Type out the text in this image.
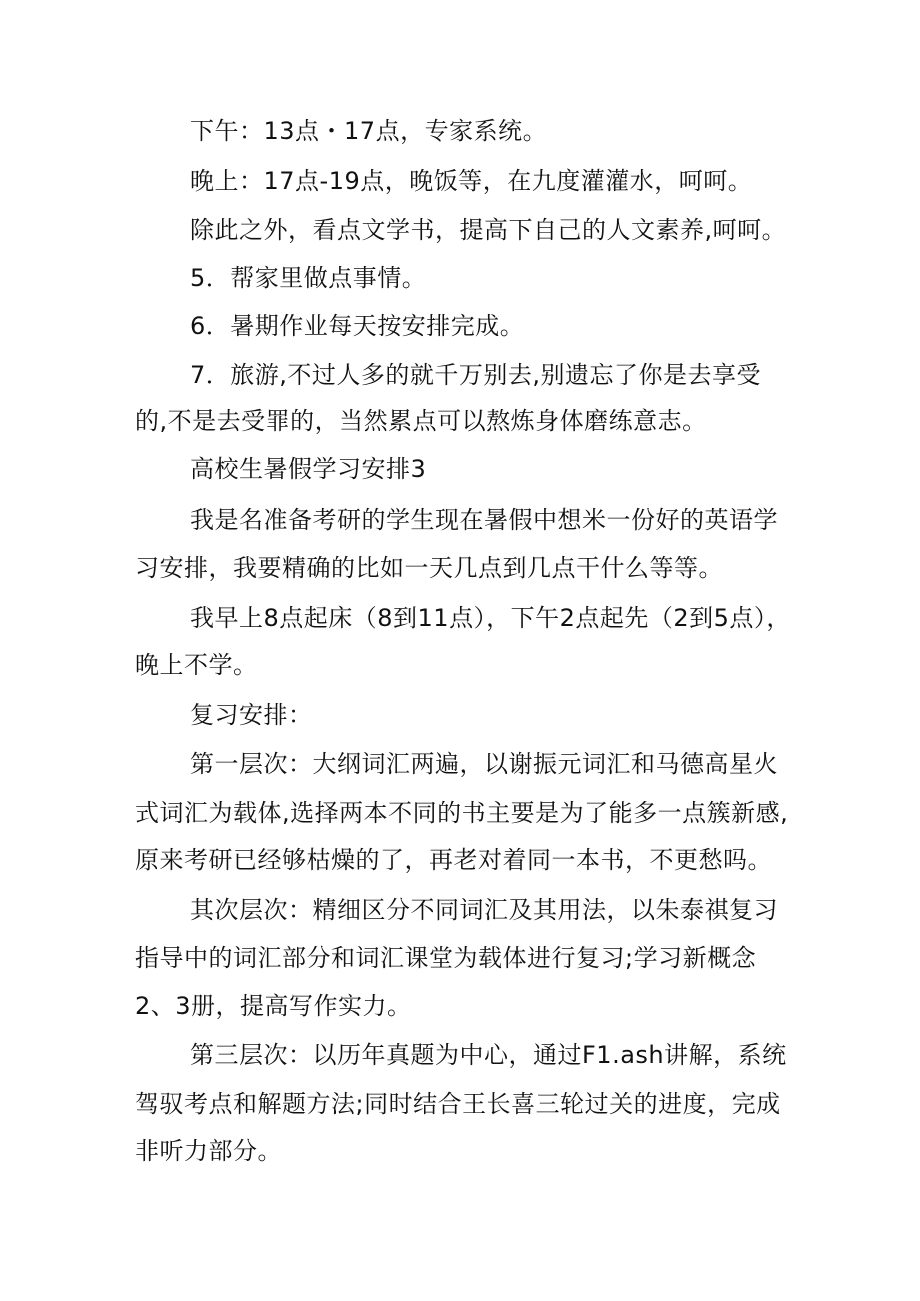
下午：13点・17点，专家系统。
晚上：17点-19点，晚饭等，在九度灌灌水，呵呵。
除此之外，看点文学书，提高下自己的人文素养,呵呵。
5．帮家里做点事情。
6．暑期作业每天按安排完成。
7．旅游,不过人多的就千万别去,别遗忘了你是去享受
的,不是去受罪的，当然累点可以熬炼身体磨练意志。
高校生暑假学习安排3
我是名准备考研的学生现在暑假中想米一份好的英语学
习安排，我要精确的比如一天几点到几点干什么等等。
我早上8点起床（8到11点），下午2点起先（2到5点），
晚上不学。
复习安排：
第一层次：大纲词汇两遍，以谢振元词汇和马德高星火
式词汇为载体,选择两本不同的书主要是为了能多一点簇新感,
原来考研已经够枯燥的了，再老对着同一本书，不更愁吗。
其次层次：精细区分不同词汇及其用法，以朱泰祺复习
指导中的词汇部分和词汇课堂为载体进行复习;学习新概念
2、3册，提高写作实力。
第三层次：以历年真题为中心，通过F1.ash讲解，系统
驾驭考点和解题方法;同时结合王长喜三轮过关的进度，完成
非听力部分。
